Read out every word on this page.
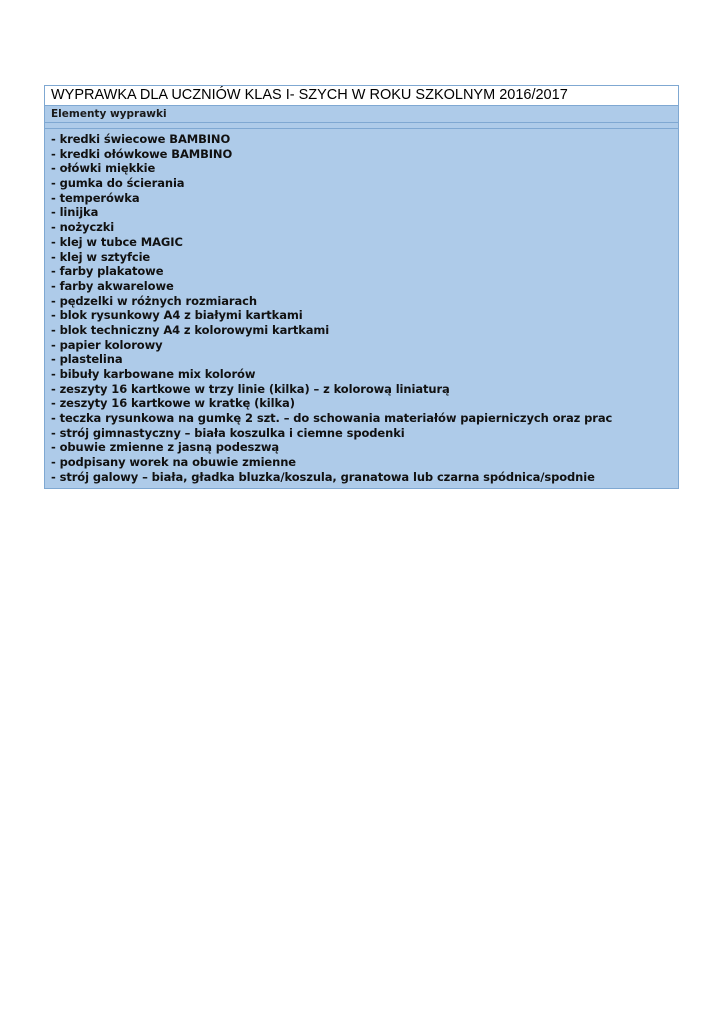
WYPRAWKA DLA UCZNIÓW KLAS I- SZYCH W ROKU SZKOLNYM 2016/2017
Elementy wyprawki
- kredki świecowe BAMBINO
- kredki ołówkowe BAMBINO
- ołówki miękkie
- gumka do ścierania
- temperówka
- linijka
- nożyczki
- klej w tubce MAGIC
- klej w sztyfcie
- farby plakatowe
- farby akwarelowe
- pędzelki w różnych rozmiarach
- blok rysunkowy A4 z białymi kartkami
- blok techniczny A4 z kolorowymi kartkami
- papier kolorowy
- plastelina
- bibuły karbowane mix kolorów
- zeszyty 16 kartkowe w trzy linie (kilka) – z kolorową liniaturą
- zeszyty 16 kartkowe w kratkę (kilka)
- teczka rysunkowa na gumkę 2 szt. – do schowania materiałów papierniczych oraz prac
- strój gimnastyczny – biała koszulka i ciemne spodenki
- obuwie zmienne z jasną podeszwą
- podpisany worek na obuwie zmienne
- strój galowy – biała, gładka bluzka/koszula, granatowa lub czarna spódnica/spodnie
